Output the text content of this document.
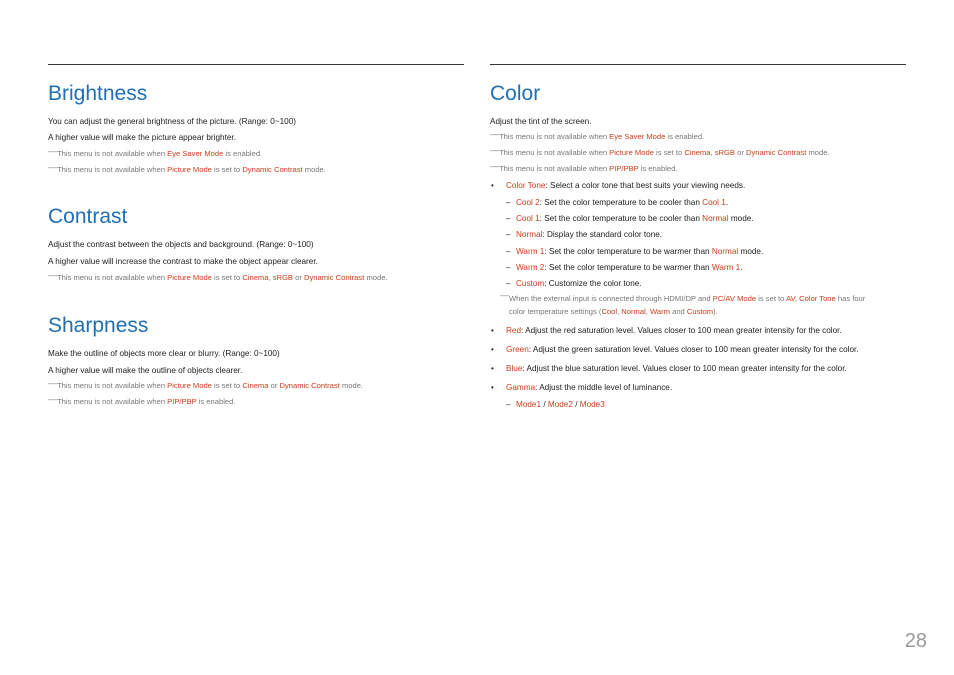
Brightness

You can adjust the general brightness of the picture. (Range: 0~100)

A higher value will make the picture appear brighter.

— This menu is not available when Eye Saver Mode is enabled.

— This menu is not available when Picture Mode is set to Dynamic Contrast mode.

Contrast

Adjust the contrast between the objects and background. (Range: 0~100)

A higher value will increase the contrast to make the object appear clearer.

— This menu is not available when Picture Mode is set to Cinema, sRGB or Dynamic Contrast mode.

Sharpness

Make the outline of objects more clear or blurry. (Range: 0~100)

A higher value will make the outline of objects clearer.

— This menu is not available when Picture Mode is set to Cinema or Dynamic Contrast mode.

— This menu is not available when PIP/PBP is enabled.

Color

Adjust the tint of the screen.

— This menu is not available when Eye Saver Mode is enabled.

— This menu is not available when Picture Mode is set to Cinema, sRGB or Dynamic Contrast mode.

— This menu is not available when PIP/PBP is enabled.

• Color Tone: Select a color tone that best suits your viewing needs.

– Cool 2: Set the color temperature to be cooler than Cool 1.

– Cool 1: Set the color temperature to be cooler than Normal mode.

– Normal: Display the standard color tone.

– Warm 1: Set the color temperature to be warmer than Normal mode.

– Warm 2: Set the color temperature to be warmer than Warm 1.

– Custom: Customize the color tone.

— When the external input is connected through HDMI/DP and PC/AV Mode is set to AV, Color Tone has four
color temperature settings (Cool, Normal, Warm and Custom).

• Red: Adjust the red saturation level. Values closer to 100 mean greater intensity for the color.

• Green: Adjust the green saturation level. Values closer to 100 mean greater intensity for the color.

• Blue: Adjust the blue saturation level. Values closer to 100 mean greater intensity for the color.

• Gamma: Adjust the middle level of luminance.

– Mode1 / Mode2 / Mode3

28
